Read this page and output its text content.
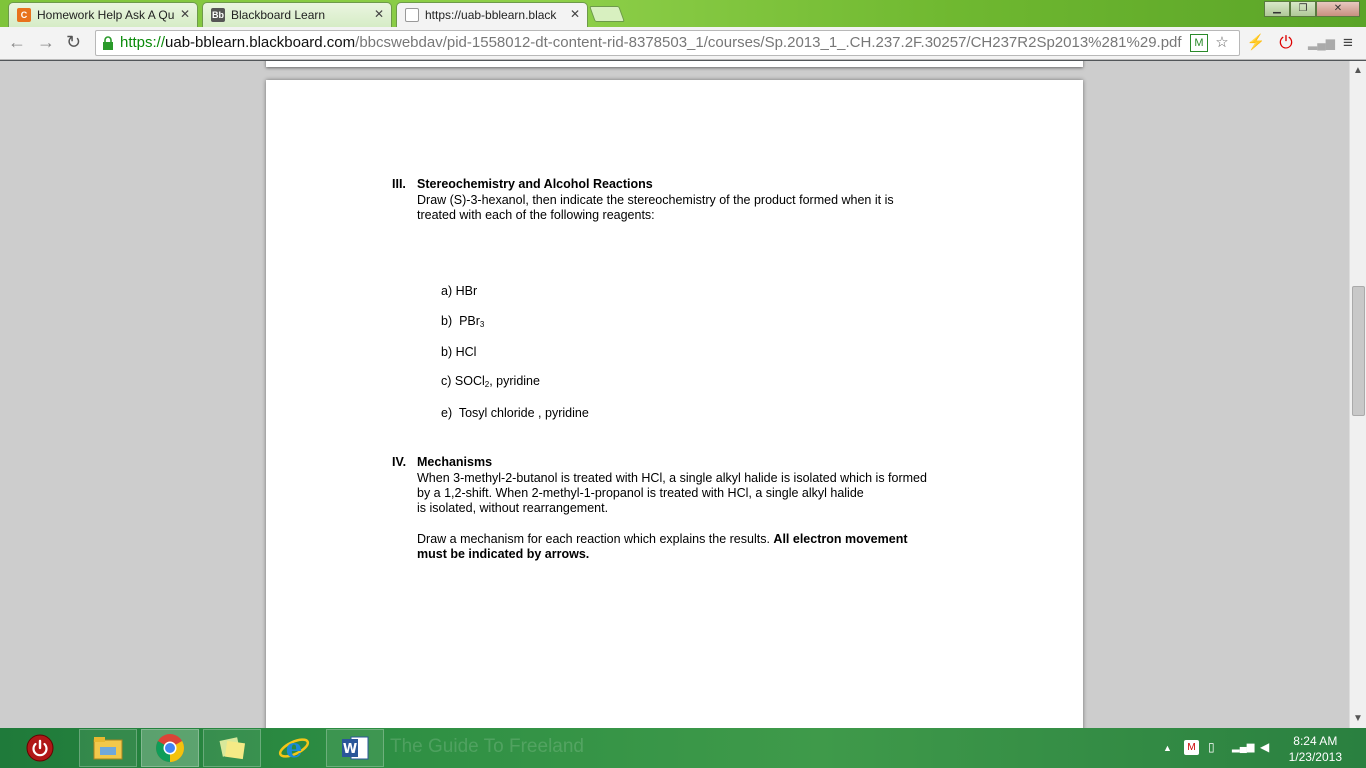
C Homework Help Ask A Qu ✕ Bb Blackboard Learn	✕	https://uab-bblearn.black ✕	▁	❐	✕
← → ↻	https://uab-bblearn.blackboard.com/bbcswebdav/pid-1558012-dt-content-rid-8378503_1/courses/Sp.2013_1_.CH.237.2F.30257/CH237R2Sp2013%281%29.pdf	M ☆ ⚡ ⏻ ▂▄▆ ≡
III. Stereochemistry and Alcohol Reactions
Draw (S)-3-hexanol, then indicate the stereochemistry of the product formed when it is
treated with each of the following reagents:
a) HBr
b) PBr$_3$
b) HCl
c) SOCl$_2$, pyridine
e) Tosyl chloride , pyridine
IV. Mechanisms
When 3-methyl-2-butanol is treated with HCl, a single alkyl halide is isolated which is formed
by a 1,2-shift. When 2-methyl-1-propanol is treated with HCl, a single alkyl halide
is isolated, without rearrangement.
Draw a mechanism for each reaction which explains the results. All electron movement
must be indicated by arrows.
▲
▼
e	W The Guide To Freeland	▲	M ▯ ▂▄▆ ◀	8:24 AM
1/23/2013
